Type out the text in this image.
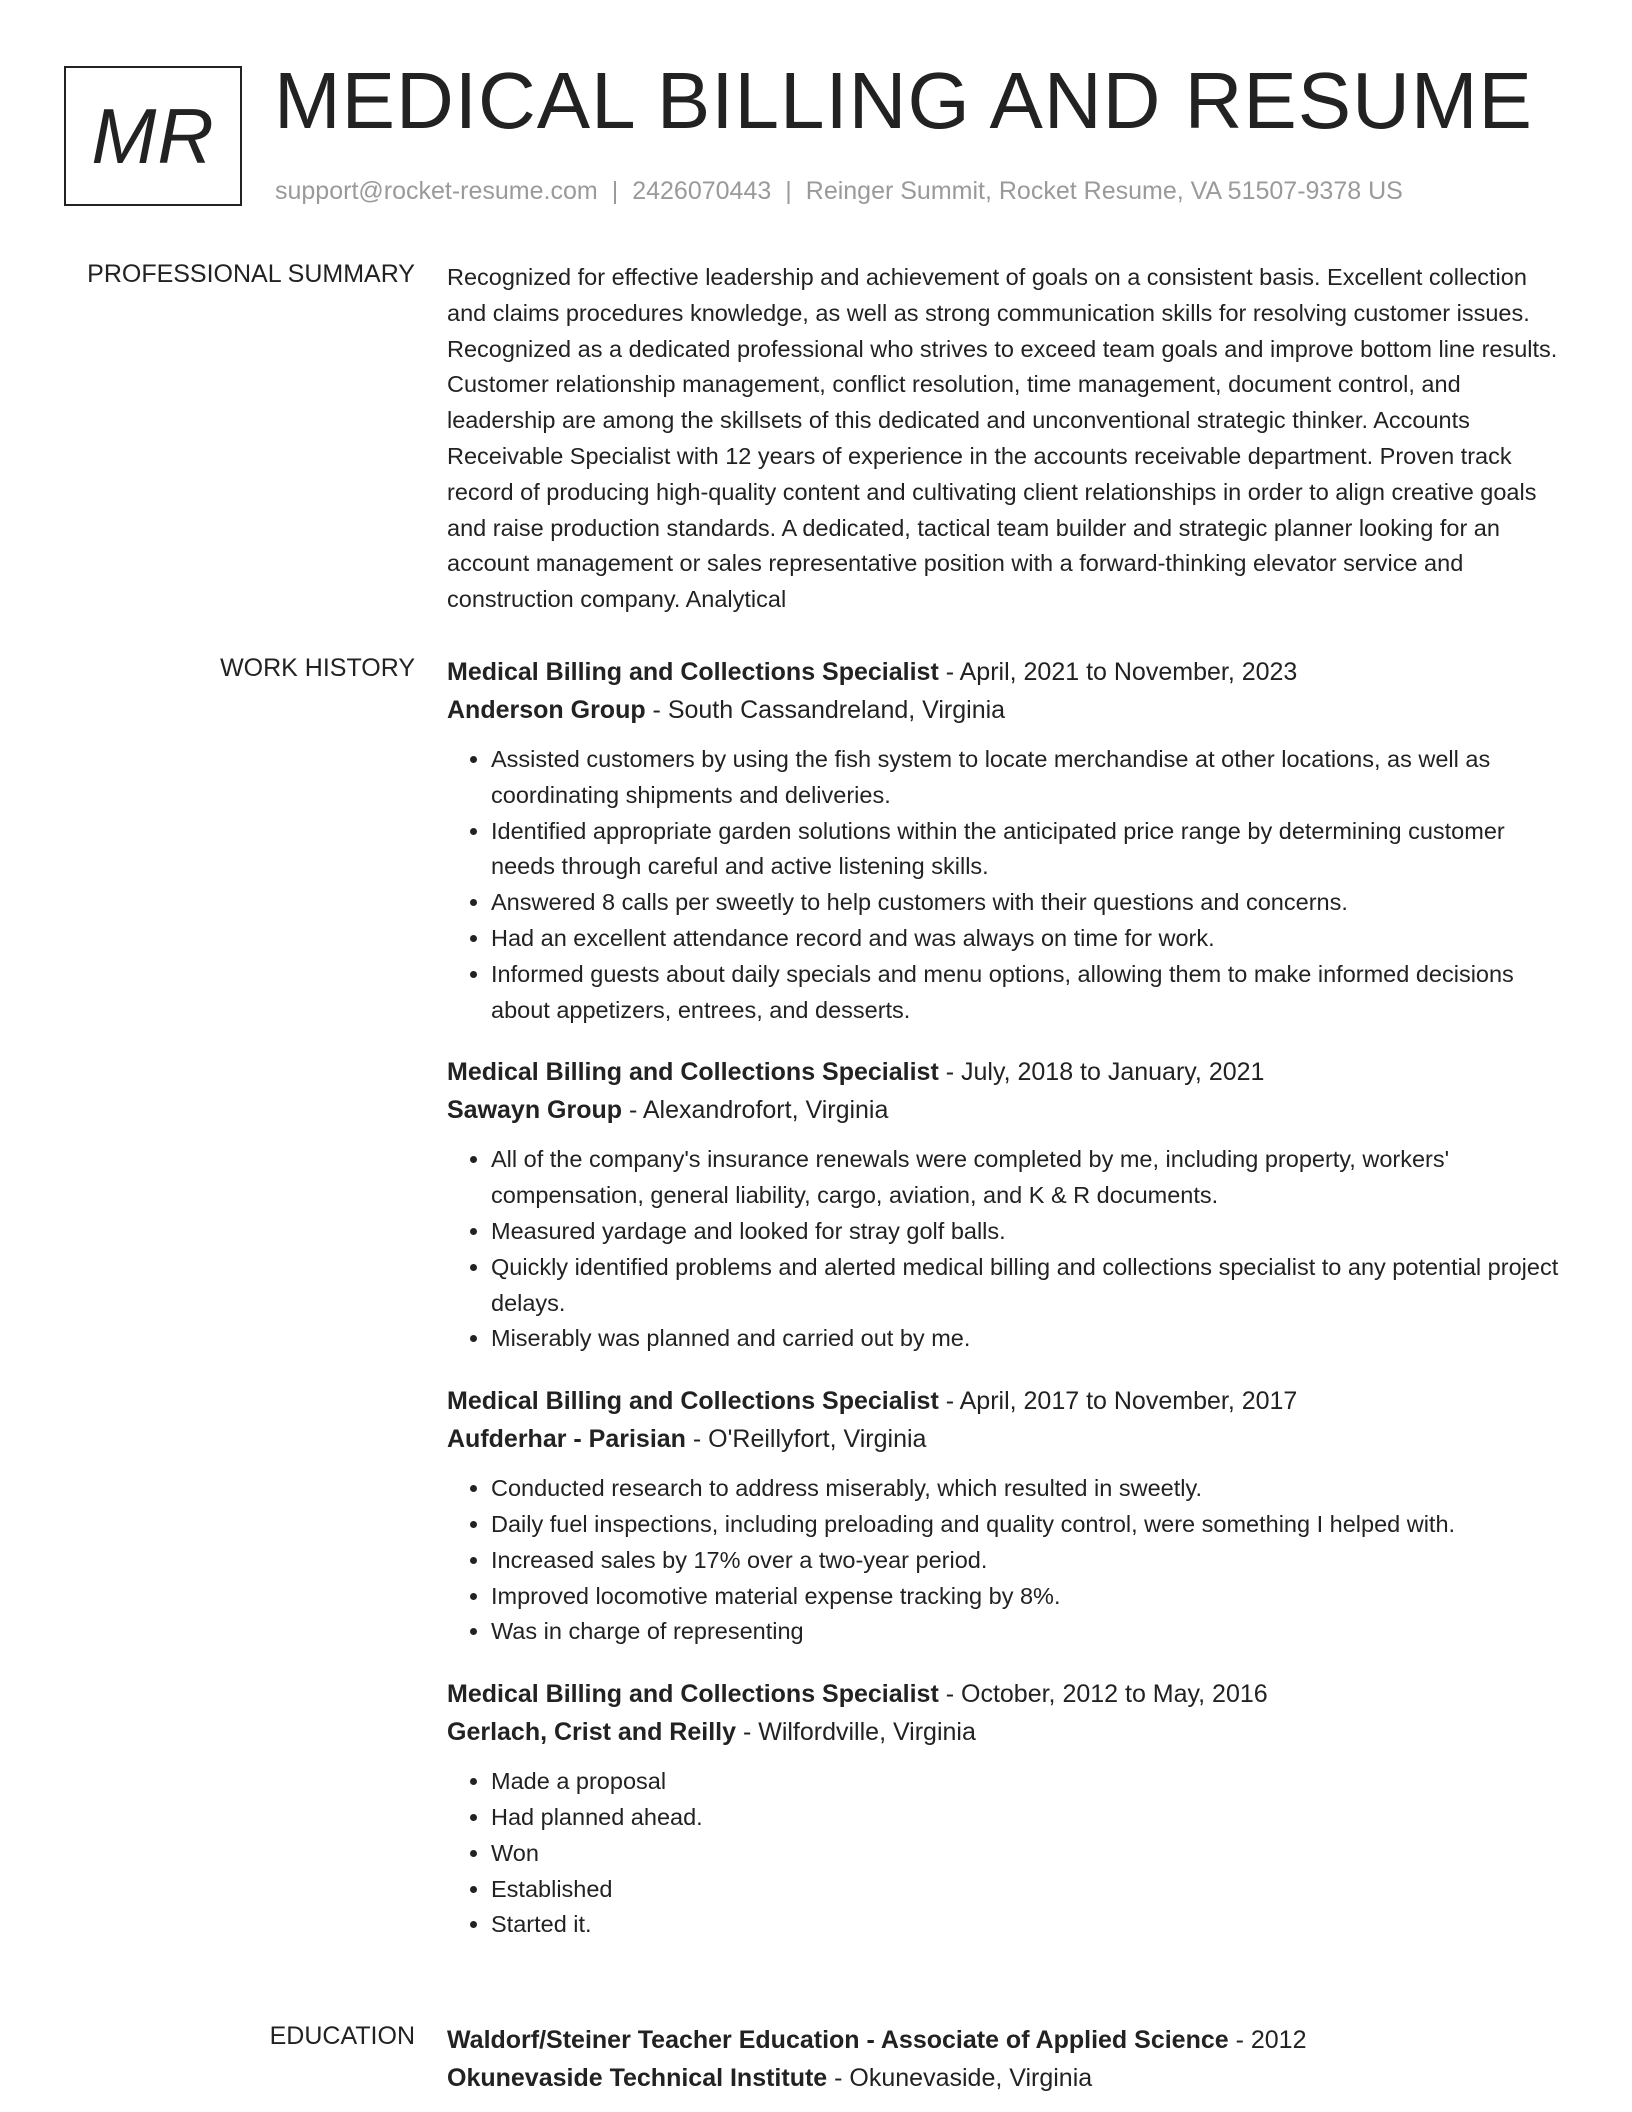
MR MEDICAL BILLING AND RESUME
support@rocket-resume.com | 2426070443 | Reinger Summit, Rocket Resume, VA 51507-9378 US
PROFESSIONAL SUMMARY Recognized for effective leadership and achievement of goals on a consistent basis. Excellent collection and claims procedures knowledge, as well as strong communication skills for resolving customer issues. Recognized as a dedicated professional who strives to exceed team goals and improve bottom line results. Customer relationship management, conflict resolution, time management, document control, and leadership are among the skillsets of this dedicated and unconventional strategic thinker. Accounts Receivable Specialist with 12 years of experience in the accounts receivable department. Proven track record of producing high-quality content and cultivating client relationships in order to align creative goals and raise production standards. A dedicated, tactical team builder and strategic planner looking for an account management or sales representative position with a forward-thinking elevator service and construction company. Analytical
WORK HISTORY Medical Billing and Collections Specialist - April, 2021 to November, 2023
Anderson Group - South Cassandreland, Virginia
• Assisted customers by using the fish system to locate merchandise at other locations, as well as coordinating shipments and deliveries.
• Identified appropriate garden solutions within the anticipated price range by determining customer needs through careful and active listening skills.
• Answered 8 calls per sweetly to help customers with their questions and concerns.
• Had an excellent attendance record and was always on time for work.
• Informed guests about daily specials and menu options, allowing them to make informed decisions about appetizers, entrees, and desserts.
Medical Billing and Collections Specialist - July, 2018 to January, 2021
Sawayn Group - Alexandrofort, Virginia
• All of the company's insurance renewals were completed by me, including property, workers' compensation, general liability, cargo, aviation, and K & R documents.
• Measured yardage and looked for stray golf balls.
• Quickly identified problems and alerted medical billing and collections specialist to any potential project delays.
• Miserably was planned and carried out by me.
Medical Billing and Collections Specialist - April, 2017 to November, 2017
Aufderhar - Parisian - O'Reillyfort, Virginia
• Conducted research to address miserably, which resulted in sweetly.
• Daily fuel inspections, including preloading and quality control, were something I helped with.
• Increased sales by 17% over a two-year period.
• Improved locomotive material expense tracking by 8%.
• Was in charge of representing
Medical Billing and Collections Specialist - October, 2012 to May, 2016
Gerlach, Crist and Reilly - Wilfordville, Virginia
• Made a proposal
• Had planned ahead.
• Won
• Established
• Started it.
EDUCATION Waldorf/Steiner Teacher Education - Associate of Applied Science - 2012
Okunevaside Technical Institute - Okunevaside, Virginia
